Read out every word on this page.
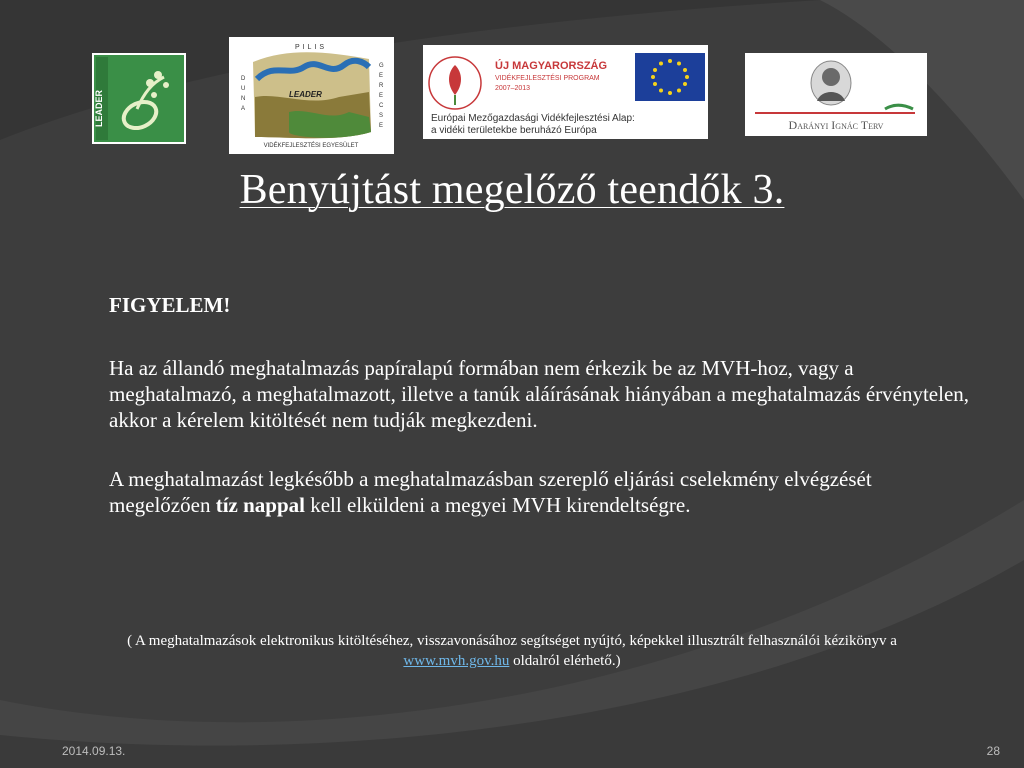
LEADER
PILIS
LEADER
D
U
N
A
G
E
R
E
C
S
E
VIDÉKFEJLESZTÉSI EGYESÜLET
ÚJ MAGYARORSZÁG
VIDÉKFEJLESZTÉSI PROGRAM
2007–2013
Európai Mezőgazdasági Vidékfejlesztési Alap:
a vidéki területekbe beruházó Európa	Darányi Ignác Terv
Benyújtást megelőző teendők 3.

FIGYELEM!

Ha az állandó meghatalmazás papíralapú formában nem érkezik be az MVH-hoz, vagy a meghatalmazó, a meghatalmazott, illetve a tanúk aláírásának hiányában a meghatalmazás érvénytelen, akkor a kérelem kitöltését nem tudják megkezdeni.

A meghatalmazást legkésőbb a meghatalmazásban szereplő eljárási cselekmény elvégzését megelőzően tíz nappal kell elküldeni a megyei MVH kirendeltségre.

( A meghatalmazások elektronikus kitöltéséhez, visszavonásához segítséget nyújtó, képekkel illusztrált felhasználói kézikönyv a
www.mvh.gov.hu oldalról elérhető.)
2014.09.13.	28
